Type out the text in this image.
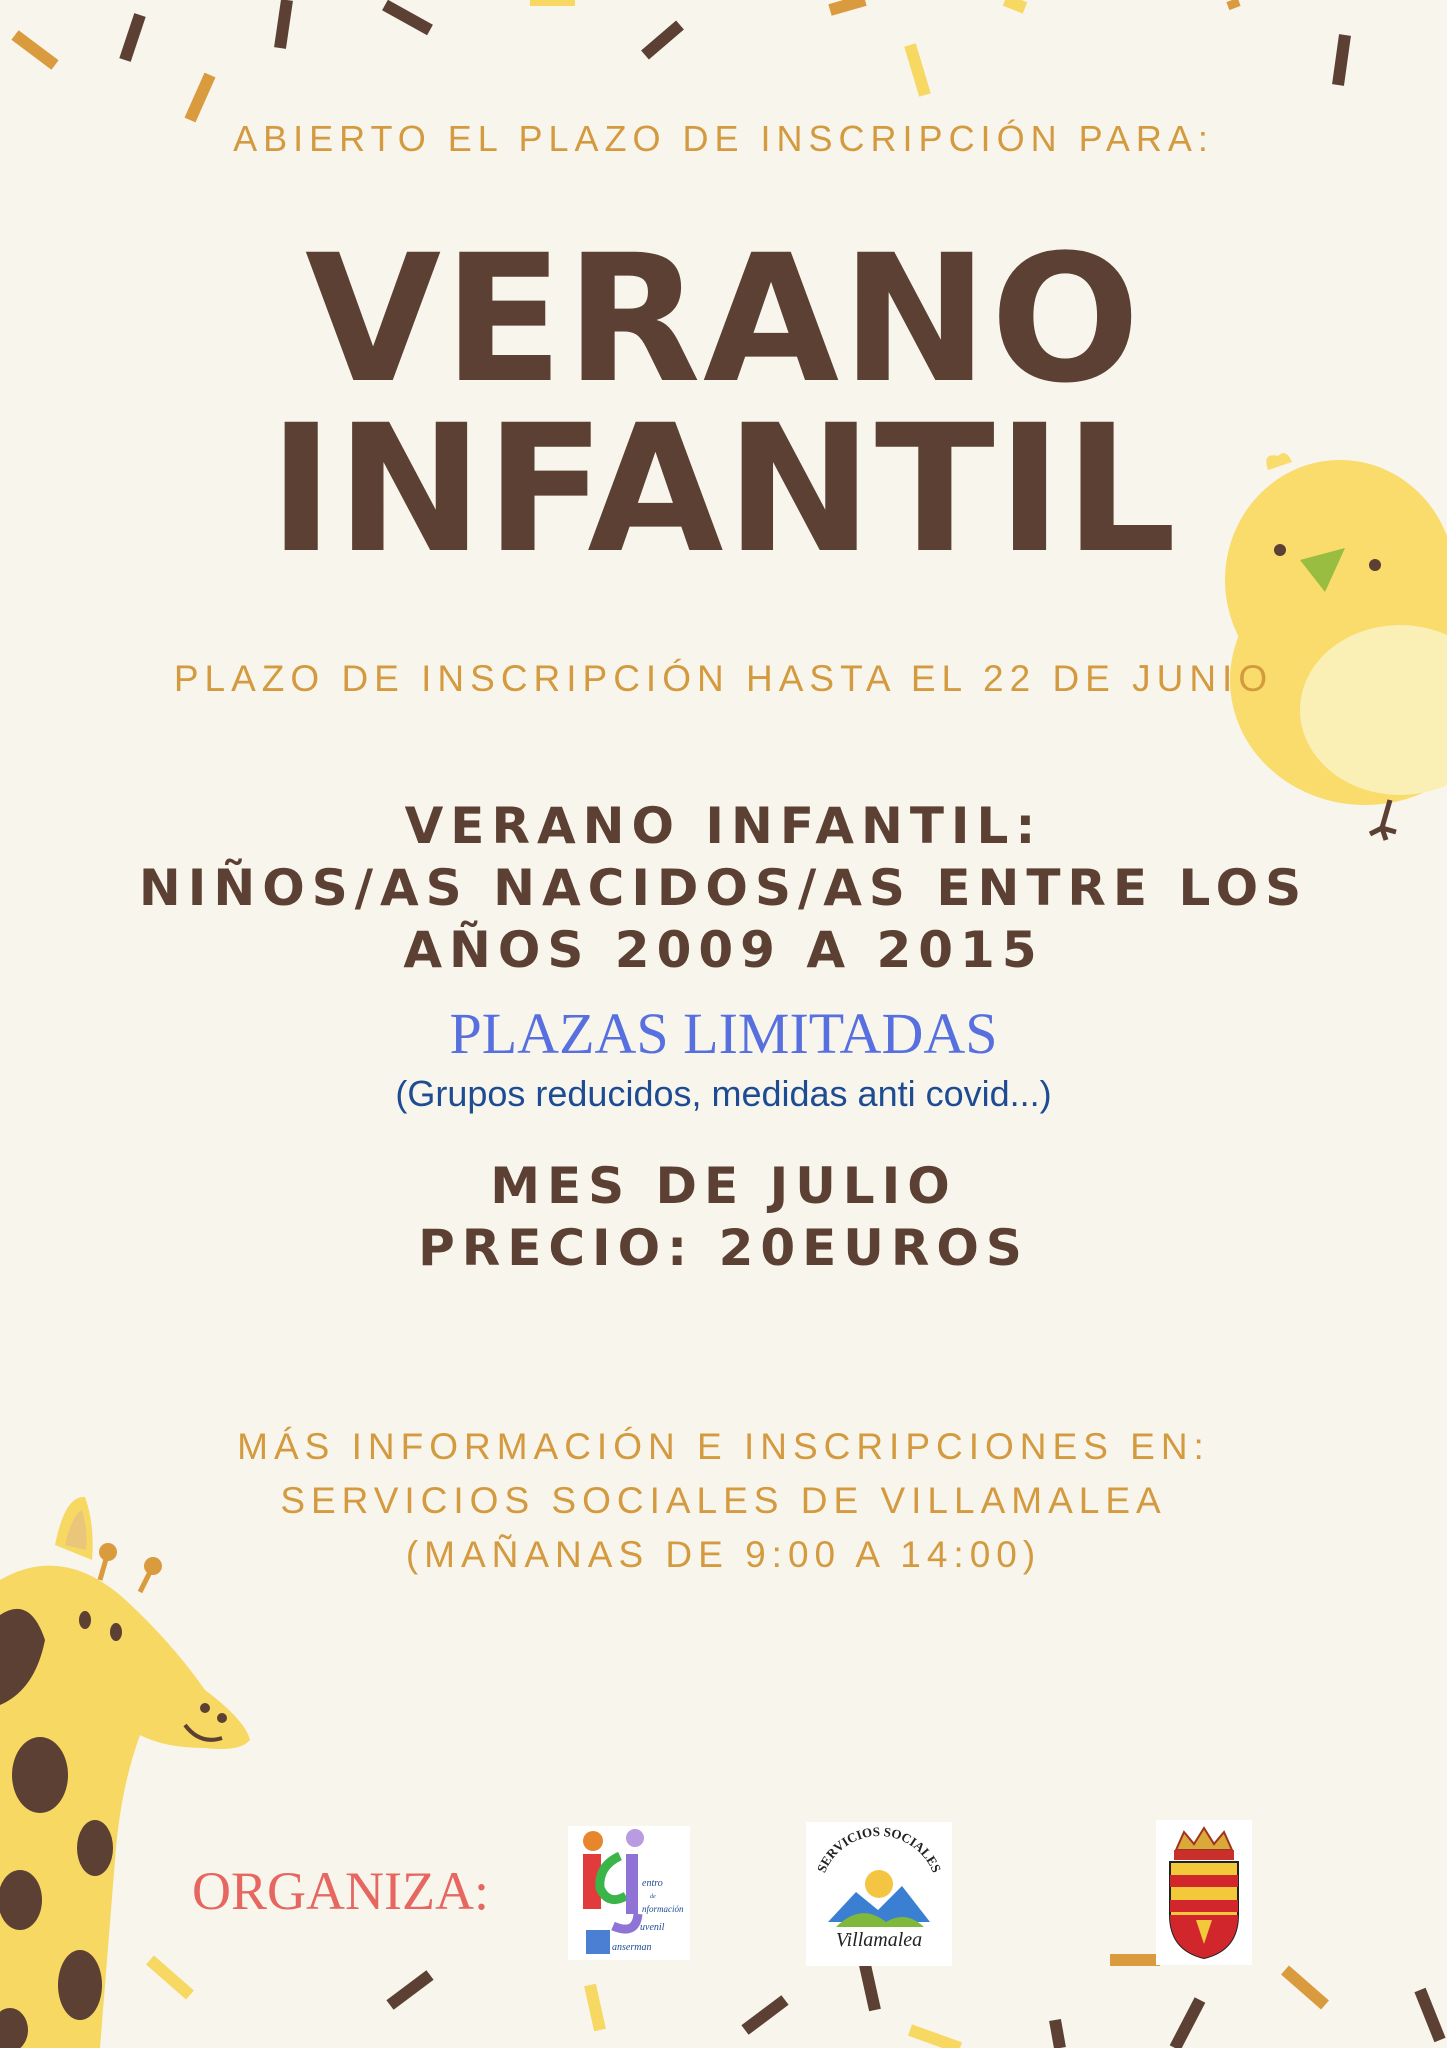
ABIERTO EL PLAZO DE INSCRIPCIÓN PARA:

VERANO
INFANTIL

PLAZO DE INSCRIPCIÓN HASTA EL 22 DE JUNIO

VERANO INFANTIL:
NIÑOS/AS NACIDOS/AS ENTRE LOS
AÑOS 2009 A 2015

PLAZAS LIMITADAS

(Grupos reducidos, medidas anti covid...)

MES DE JULIO
PRECIO: 20EUROS
MÁS INFORMACIÓN E INSCRIPCIONES EN:
SERVICIOS SOCIALES DE VILLAMALEA
(MAÑANAS DE 9:00 A 14:00)

ORGANIZA:	entro
de
nformación
uvenil
anserman
SERVICIOS SOCIALES
Villamalea
